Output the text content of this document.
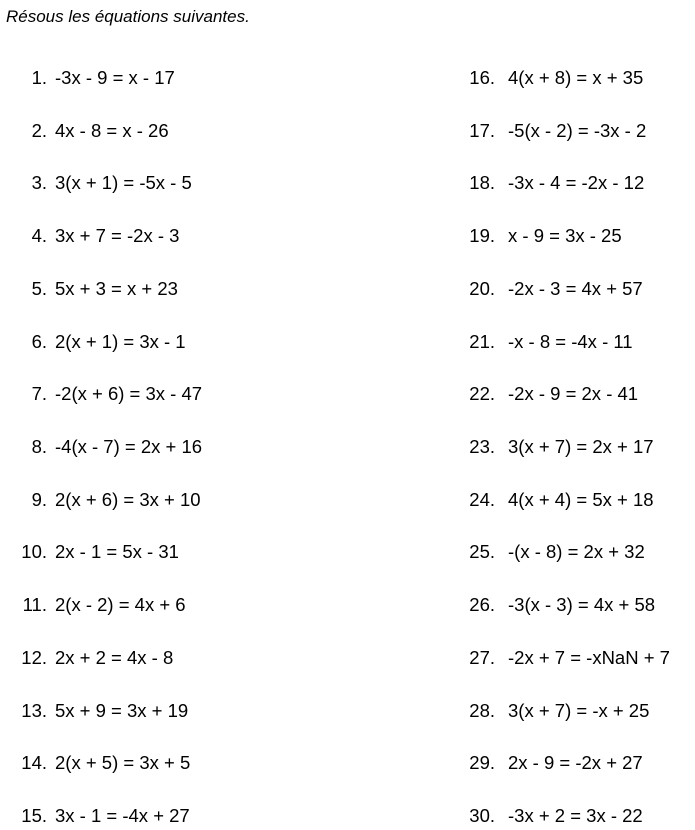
Résous les équations suivantes.
1. -3x - 9 = x - 17
2. 4x - 8 = x - 26
3. 3(x + 1) = -5x - 5
4. 3x + 7 = -2x - 3
5. 5x + 3 = x + 23
6. 2(x + 1) = 3x - 1
7. -2(x + 6) = 3x - 47
8. -4(x - 7) = 2x + 16
9. 2(x + 6) = 3x + 10
10. 2x - 1 = 5x - 31
11. 2(x - 2) = 4x + 6
12. 2x + 2 = 4x - 8
13. 5x + 9 = 3x + 19
14. 2(x + 5) = 3x + 5
15. 3x - 1 = -4x + 27
16. 4(x + 8) = x + 35
17. -5(x - 2) = -3x - 2
18. -3x - 4 = -2x - 12
19. x - 9 = 3x - 25
20. -2x - 3 = 4x + 57
21. -x - 8 = -4x - 11
22. -2x - 9 = 2x - 41
23. 3(x + 7) = 2x + 17
24. 4(x + 4) = 5x + 18
25. -(x - 8) = 2x + 32
26. -3(x - 3) = 4x + 58
27. -2x + 7 = -xNaN + 7
28. 3(x + 7) = -x + 25
29. 2x - 9 = -2x + 27
30. -3x + 2 = 3x - 22
